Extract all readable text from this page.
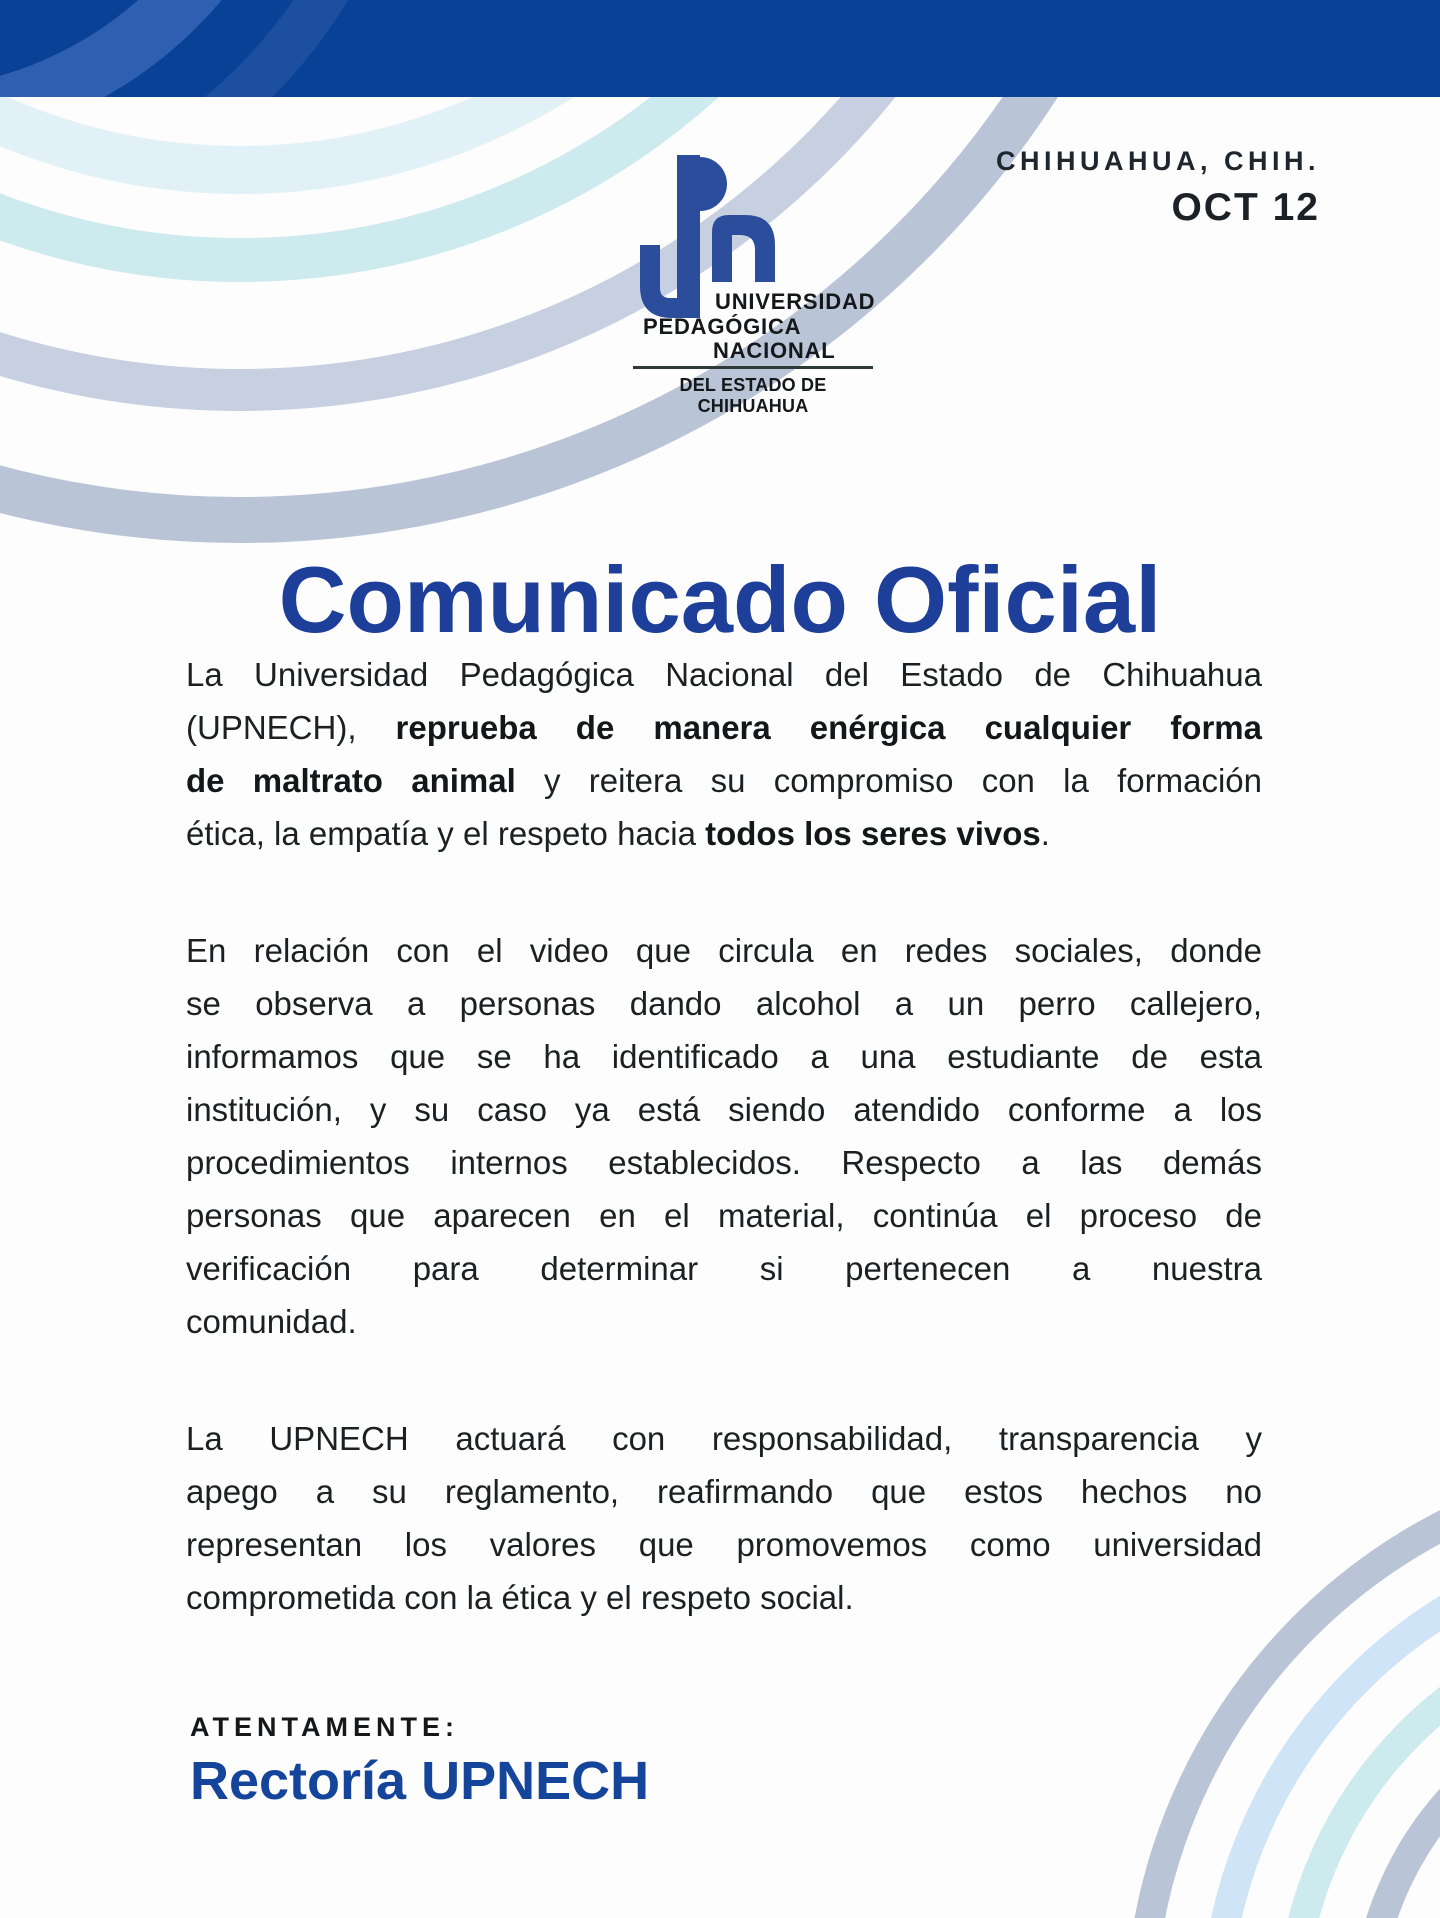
CHIHUAHUA, CHIH.
OCT 12
UNIVERSIDAD
PEDAGÓGICA
NACIONAL
DEL ESTADO DE CHIHUAHUA
Comunicado Oficial
La Universidad Pedagógica Nacional del Estado de Chihuahua
(UPNECH), reprueba de manera enérgica cualquier forma
de maltrato animal y reitera su compromiso con la formación
ética, la empatía y el respeto hacia todos los seres vivos.
En relación con el video que circula en redes sociales, donde
se observa a personas dando alcohol a un perro callejero,
informamos que se ha identificado a una estudiante de esta
institución, y su caso ya está siendo atendido conforme a los
procedimientos internos establecidos. Respecto a las demás
personas que aparecen en el material, continúa el proceso de
verificación para determinar si pertenecen a nuestra
comunidad.
La UPNECH actuará con responsabilidad, transparencia y
apego a su reglamento, reafirmando que estos hechos no
representan los valores que promovemos como universidad
comprometida con la ética y el respeto social.
ATENTAMENTE:
Rectoría UPNECH
